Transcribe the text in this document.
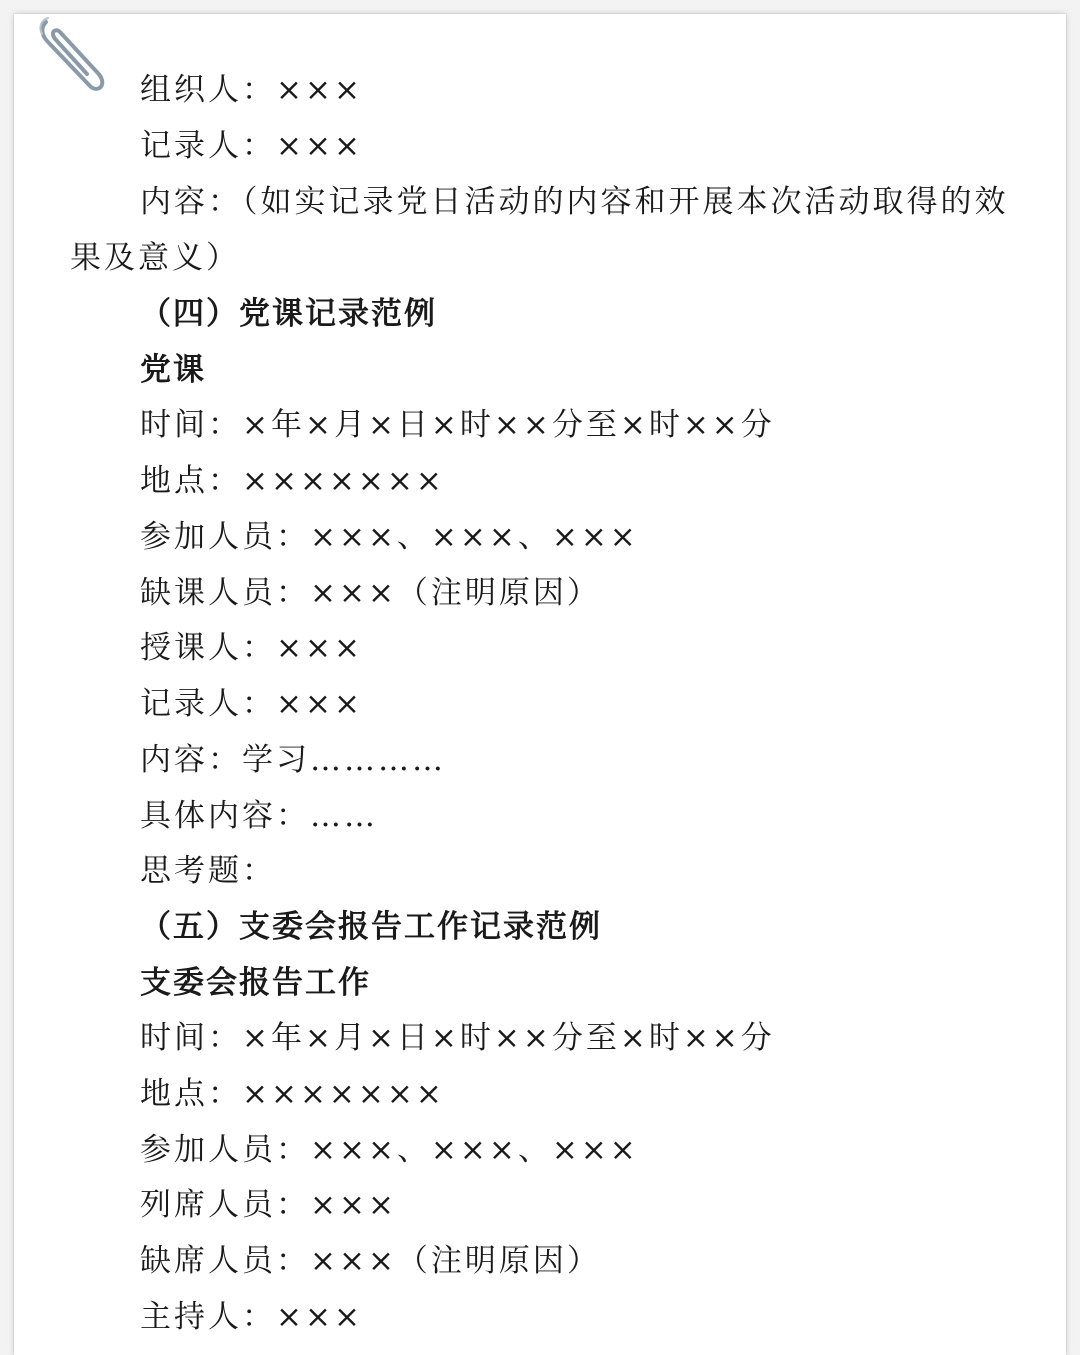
组织人：×××
记录人：×××
内容：（如实记录党日活动的内容和开展本次活动取得的效
果及意义）
（四）党课记录范例
党课
时间：×年×月×日×时××分至×时××分
地点：×××××××
参加人员：×××、×××、×××
缺课人员：×××（注明原因）
授课人：×××
记录人：×××
内容：学习…………
具体内容：……
思考题：
（五）支委会报告工作记录范例
支委会报告工作
时间：×年×月×日×时××分至×时××分
地点：×××××××
参加人员：×××、×××、×××
列席人员：×××
缺席人员：×××（注明原因）
主持人：×××
